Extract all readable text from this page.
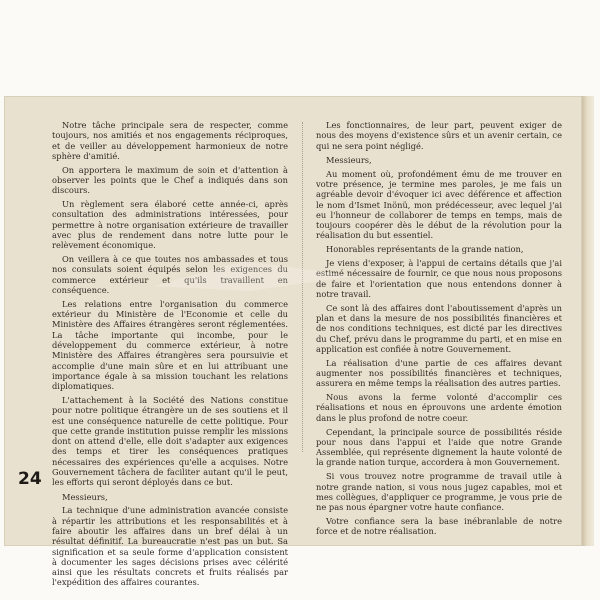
Notre tâche principale sera de respecter, comme toujours, nos amitiés et nos engagements réciproques, et de veiller au développement harmonieux de notre sphère d'amitié.

On apportera le maximum de soin et d'attention à observer les points que le Chef a indiqués dans son discours.

Un règlement sera élaboré cette année-ci, après consultation des administrations intéressées, pour permettre à notre organisation extérieure de travailler avec plus de rendement dans notre lutte pour le relèvement économique.

On veillera à ce que toutes nos ambassades et tous nos consulats soient équipés selon les exigences du commerce extérieur et qu'ils travaillent en conséquence.

Les relations entre l'organisation du commerce extérieur du Ministère de l'Economie et celle du Ministère des Affaires étrangères seront réglementées. La tâche importante qui incombe, pour le développement du commerce extérieur, à notre Ministère des Affaires étrangères sera poursuivie et accomplie d'une main sûre et en lui attribuant une importance égale à sa mission touchant les relations diplomatiques.

L'attachement à la Société des Nations constitue pour notre politique étrangère un de ses soutiens et il est une conséquence naturelle de cette politique. Pour que cette grande institution puisse remplir les missions dont on attend d'elle, elle doit s'adapter aux exigences des temps et tirer les conséquences pratiques nécessaires des expériences qu'elle a acquises. Notre Gouvernement tâchera de faciliter autant qu'il le peut, les efforts qui seront déployés dans ce but.

Messieurs,

La technique d'une administration avancée consiste à répartir les attributions et les responsabilités et à faire aboutir les affaires dans un bref délai à un résultat définitif. La bureaucratie n'est pas un but. Sa signification et sa seule forme d'application consistent à documenter les sages décisions prises avec célérité ainsi que les résultats concrets et fruits réalisés par l'expédition des affaires courantes.

Les fonctionnaires, de leur part, peuvent exiger de nous des moyens d'existence sûrs et un avenir certain, ce qui ne sera point négligé.

Messieurs,

Au moment où, profondément ému de me trouver en votre présence, je termine mes paroles, je me fais un agréable devoir d'évoquer ici avec déférence et affection le nom d'Ismet Inönü, mon prédécesseur, avec lequel j'ai eu l'honneur de collaborer de temps en temps, mais de toujours coopérer dès le début de la révolution pour la réalisation du but essentiel.

Honorables représentants de la grande nation,

Je viens d'exposer, à l'appui de certains détails que j'ai estimé nécessaire de fournir, ce que nous nous proposons de faire et l'orientation que nous entendons donner à notre travail.

Ce sont là des affaires dont l'aboutissement d'après un plan et dans la mesure de nos possibilités financières et de nos conditions techniques, est dicté par les directives du Chef, prévu dans le programme du parti, et en mise en application est confiée à notre Gouvernement.

La réalisation d'une partie de ces affaires devant augmenter nos possibilités financières et techniques, assurera en même temps la réalisation des autres parties.

Nous avons la ferme volonté d'accomplir ces réalisations et nous en éprouvons une ardente émotion dans le plus profond de notre coeur.

Cependant, la principale source de possibilités réside pour nous dans l'appui et l'aide que notre Grande Assemblée, qui représente dignement la haute volonté de la grande nation turque, accordera à mon Gouvernement.

Si vous trouvez notre programme de travail utile à notre grande nation, si vous nous jugez capables, moi et mes collègues, d'appliquer ce programme, je vous prie de ne pas nous épargner votre haute confiance.

Votre confiance sera la base inébranlable de notre force et de notre réalisation.

24
